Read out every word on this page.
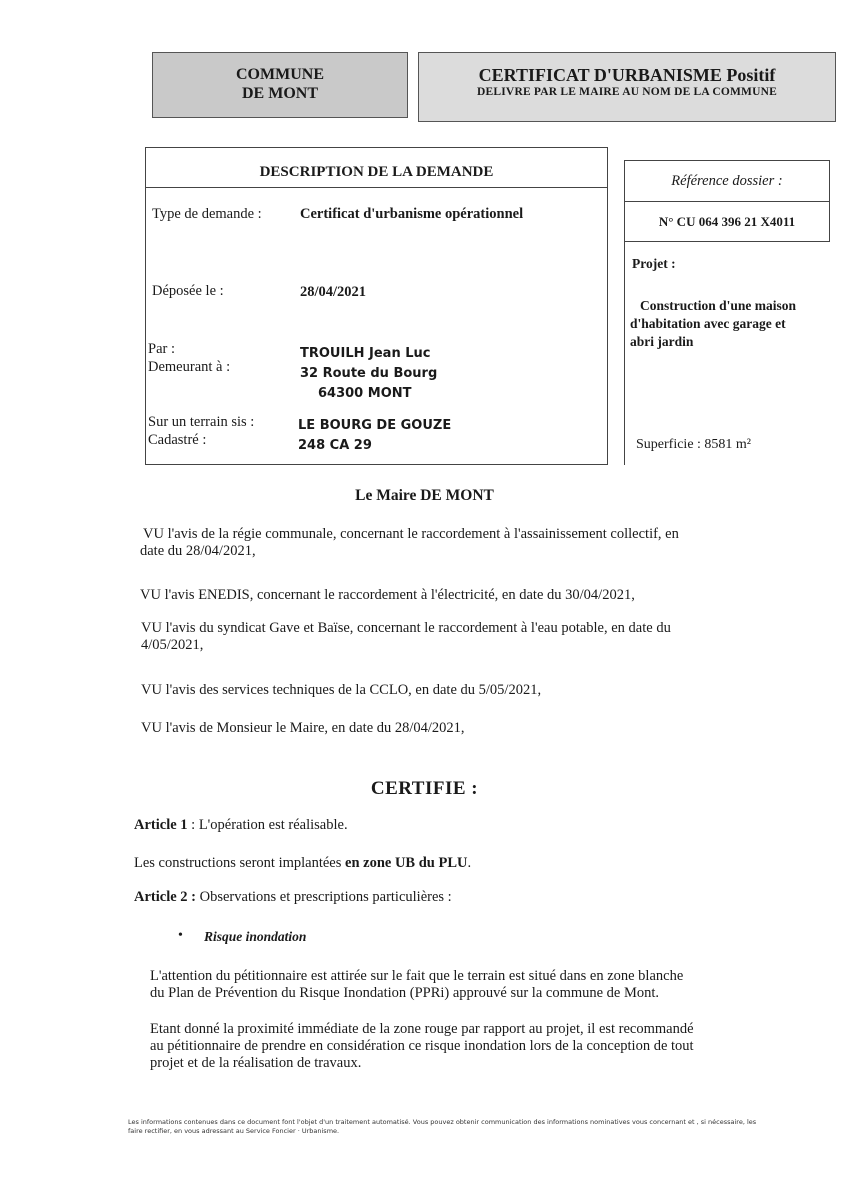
COMMUNE
DE MONT
CERTIFICAT D'URBANISME Positif
DELIVRE PAR LE MAIRE AU NOM DE LA COMMUNE
DESCRIPTION DE LA DEMANDE
Référence dossier :
N° CU 064 396 21 X4011
Type de demande :	Certificat d'urbanisme opérationnel
Déposée le :	28/04/2021
Par :
Demeurant à :
TROUILH Jean Luc
32 Route du Bourg
64300 MONT
Sur un terrain sis :
Cadastré :
LE BOURG DE GOUZE
248 CA 29
Projet :
Construction d'une maison
d'habitation avec garage et
abri jardin
Superficie : 8581 m²
Le Maire DE MONT
VU l'avis de la régie communale, concernant le raccordement à l'assainissement collectif, en
date du 28/04/2021,
VU l'avis ENEDIS, concernant le raccordement à l'électricité, en date du 30/04/2021,
VU l'avis du syndicat Gave et Baïse, concernant le raccordement à l'eau potable, en date du
4/05/2021,
VU l'avis des services techniques de la CCLO, en date du 5/05/2021,
VU l'avis de Monsieur le Maire, en date du 28/04/2021,
CERTIFIE :
Article 1 : L'opération est réalisable.
Les constructions seront implantées en zone UB du PLU.
Article 2 : Observations et prescriptions particulières :
• Risque inondation
L'attention du pétitionnaire est attirée sur le fait que le terrain est situé dans en zone blanche
du Plan de Prévention du Risque Inondation (PPRi) approuvé sur la commune de Mont.
Etant donné la proximité immédiate de la zone rouge par rapport au projet, il est recommandé
au pétitionnaire de prendre en considération ce risque inondation lors de la conception de tout
projet et de la réalisation de travaux.
Les informations contenues dans ce document font l'objet d'un traitement automatisé. Vous pouvez obtenir communication des informations nominatives vous concernant et , si nécessaire, les
faire rectifier, en vous adressant au Service Foncier · Urbanisme.
